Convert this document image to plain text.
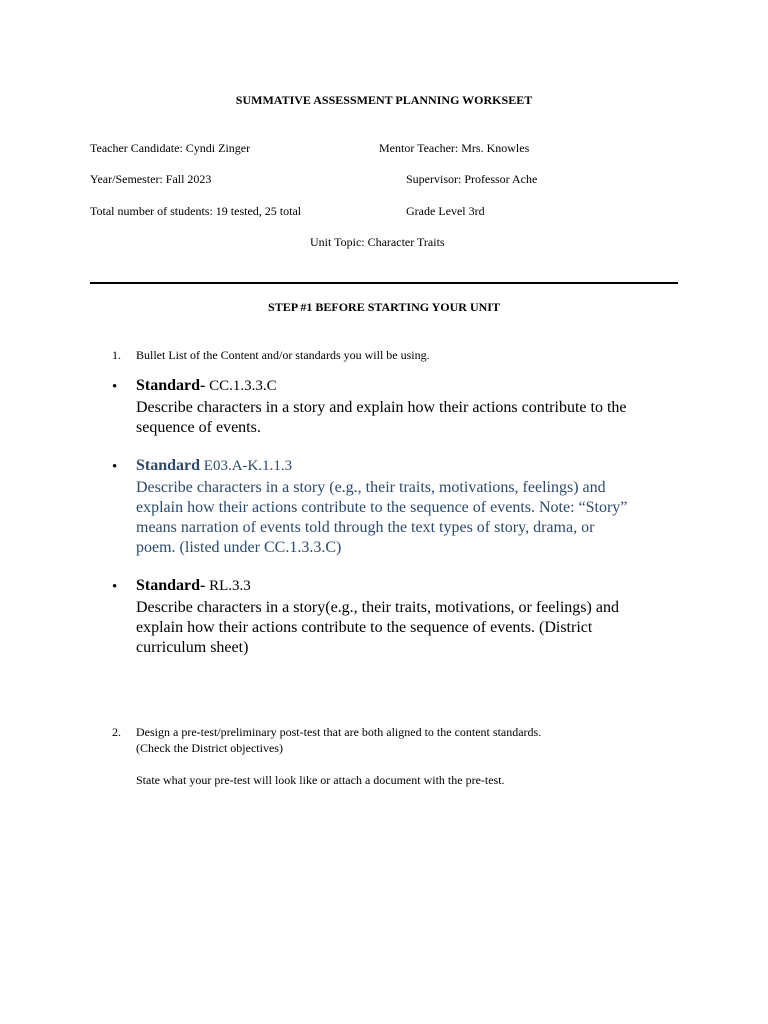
SUMMATIVE ASSESSMENT PLANNING WORKSEET
Teacher Candidate: Cyndi Zinger	Mentor Teacher: Mrs. Knowles
Year/Semester: Fall 2023	Supervisor: Professor Ache
Total number of students: 19 tested, 25 total	Grade Level 3rd
Unit Topic: Character Traits
STEP #1 BEFORE STARTING YOUR UNIT
1. Bullet List of the Content and/or standards you will be using.
• Standard- CC.1.3.3.C
Describe characters in a story and explain how their actions contribute to the
sequence of events.
• Standard E03.A-K.1.1.3
Describe characters in a story (e.g., their traits, motivations, feelings) and
explain how their actions contribute to the sequence of events. Note: “Story”
means narration of events told through the text types of story, drama, or
poem. (listed under CC.1.3.3.C)
• Standard- RL.3.3
Describe characters in a story(e.g., their traits, motivations, or feelings) and
explain how their actions contribute to the sequence of events. (District
curriculum sheet)
2. Design a pre-test/preliminary post-test that are both aligned to the content standards.
(Check the District objectives)
State what your pre-test will look like or attach a document with the pre-test.
